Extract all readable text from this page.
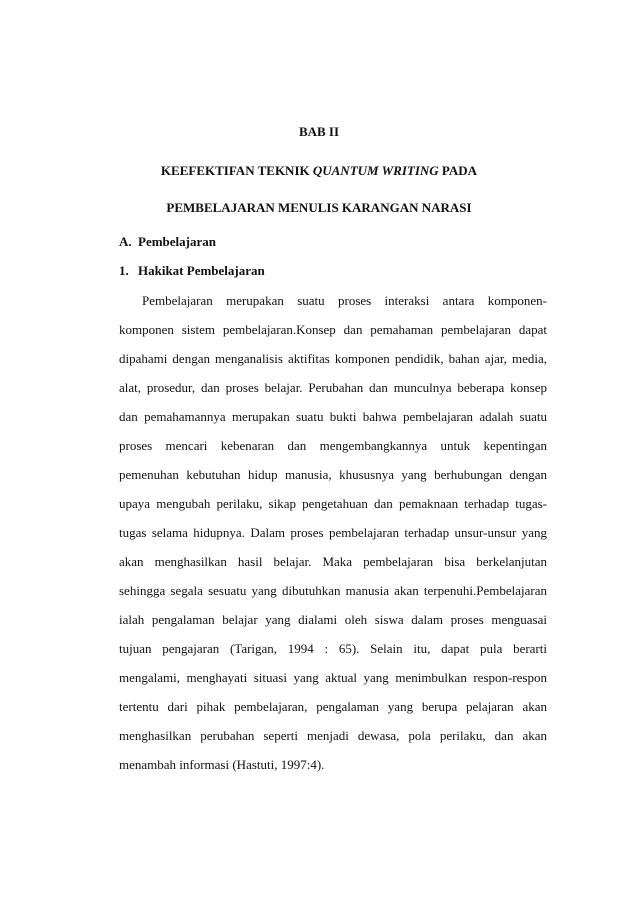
BAB II
KEEFEKTIFAN TEKNIK QUANTUM WRITING PADA
PEMBELAJARAN MENULIS KARANGAN NARASI
A. Pembelajaran
1. Hakikat Pembelajaran
Pembelajaran merupakan suatu proses interaksi antara komponen-
komponen sistem pembelajaran.Konsep dan pemahaman pembelajaran dapat
dipahami dengan menganalisis aktifitas komponen pendidik, bahan ajar, media,
alat, prosedur, dan proses belajar. Perubahan dan munculnya beberapa konsep
dan pemahamannya merupakan suatu bukti bahwa pembelajaran adalah suatu
proses mencari kebenaran dan mengembangkannya untuk kepentingan
pemenuhan kebutuhan hidup manusia, khususnya yang berhubungan dengan
upaya mengubah perilaku, sikap pengetahuan dan pemaknaan terhadap tugas-
tugas selama hidupnya. Dalam proses pembelajaran terhadap unsur-unsur yang
akan menghasilkan hasil belajar. Maka pembelajaran bisa berkelanjutan
sehingga segala sesuatu yang dibutuhkan manusia akan terpenuhi.Pembelajaran
ialah pengalaman belajar yang dialami oleh siswa dalam proses menguasai
tujuan pengajaran (Tarigan, 1994 : 65). Selain itu, dapat pula berarti
mengalami, menghayati situasi yang aktual yang menimbulkan respon-respon
tertentu dari pihak pembelajaran, pengalaman yang berupa pelajaran akan
menghasilkan perubahan seperti menjadi dewasa, pola perilaku, dan akan
menambah informasi (Hastuti, 1997:4).
